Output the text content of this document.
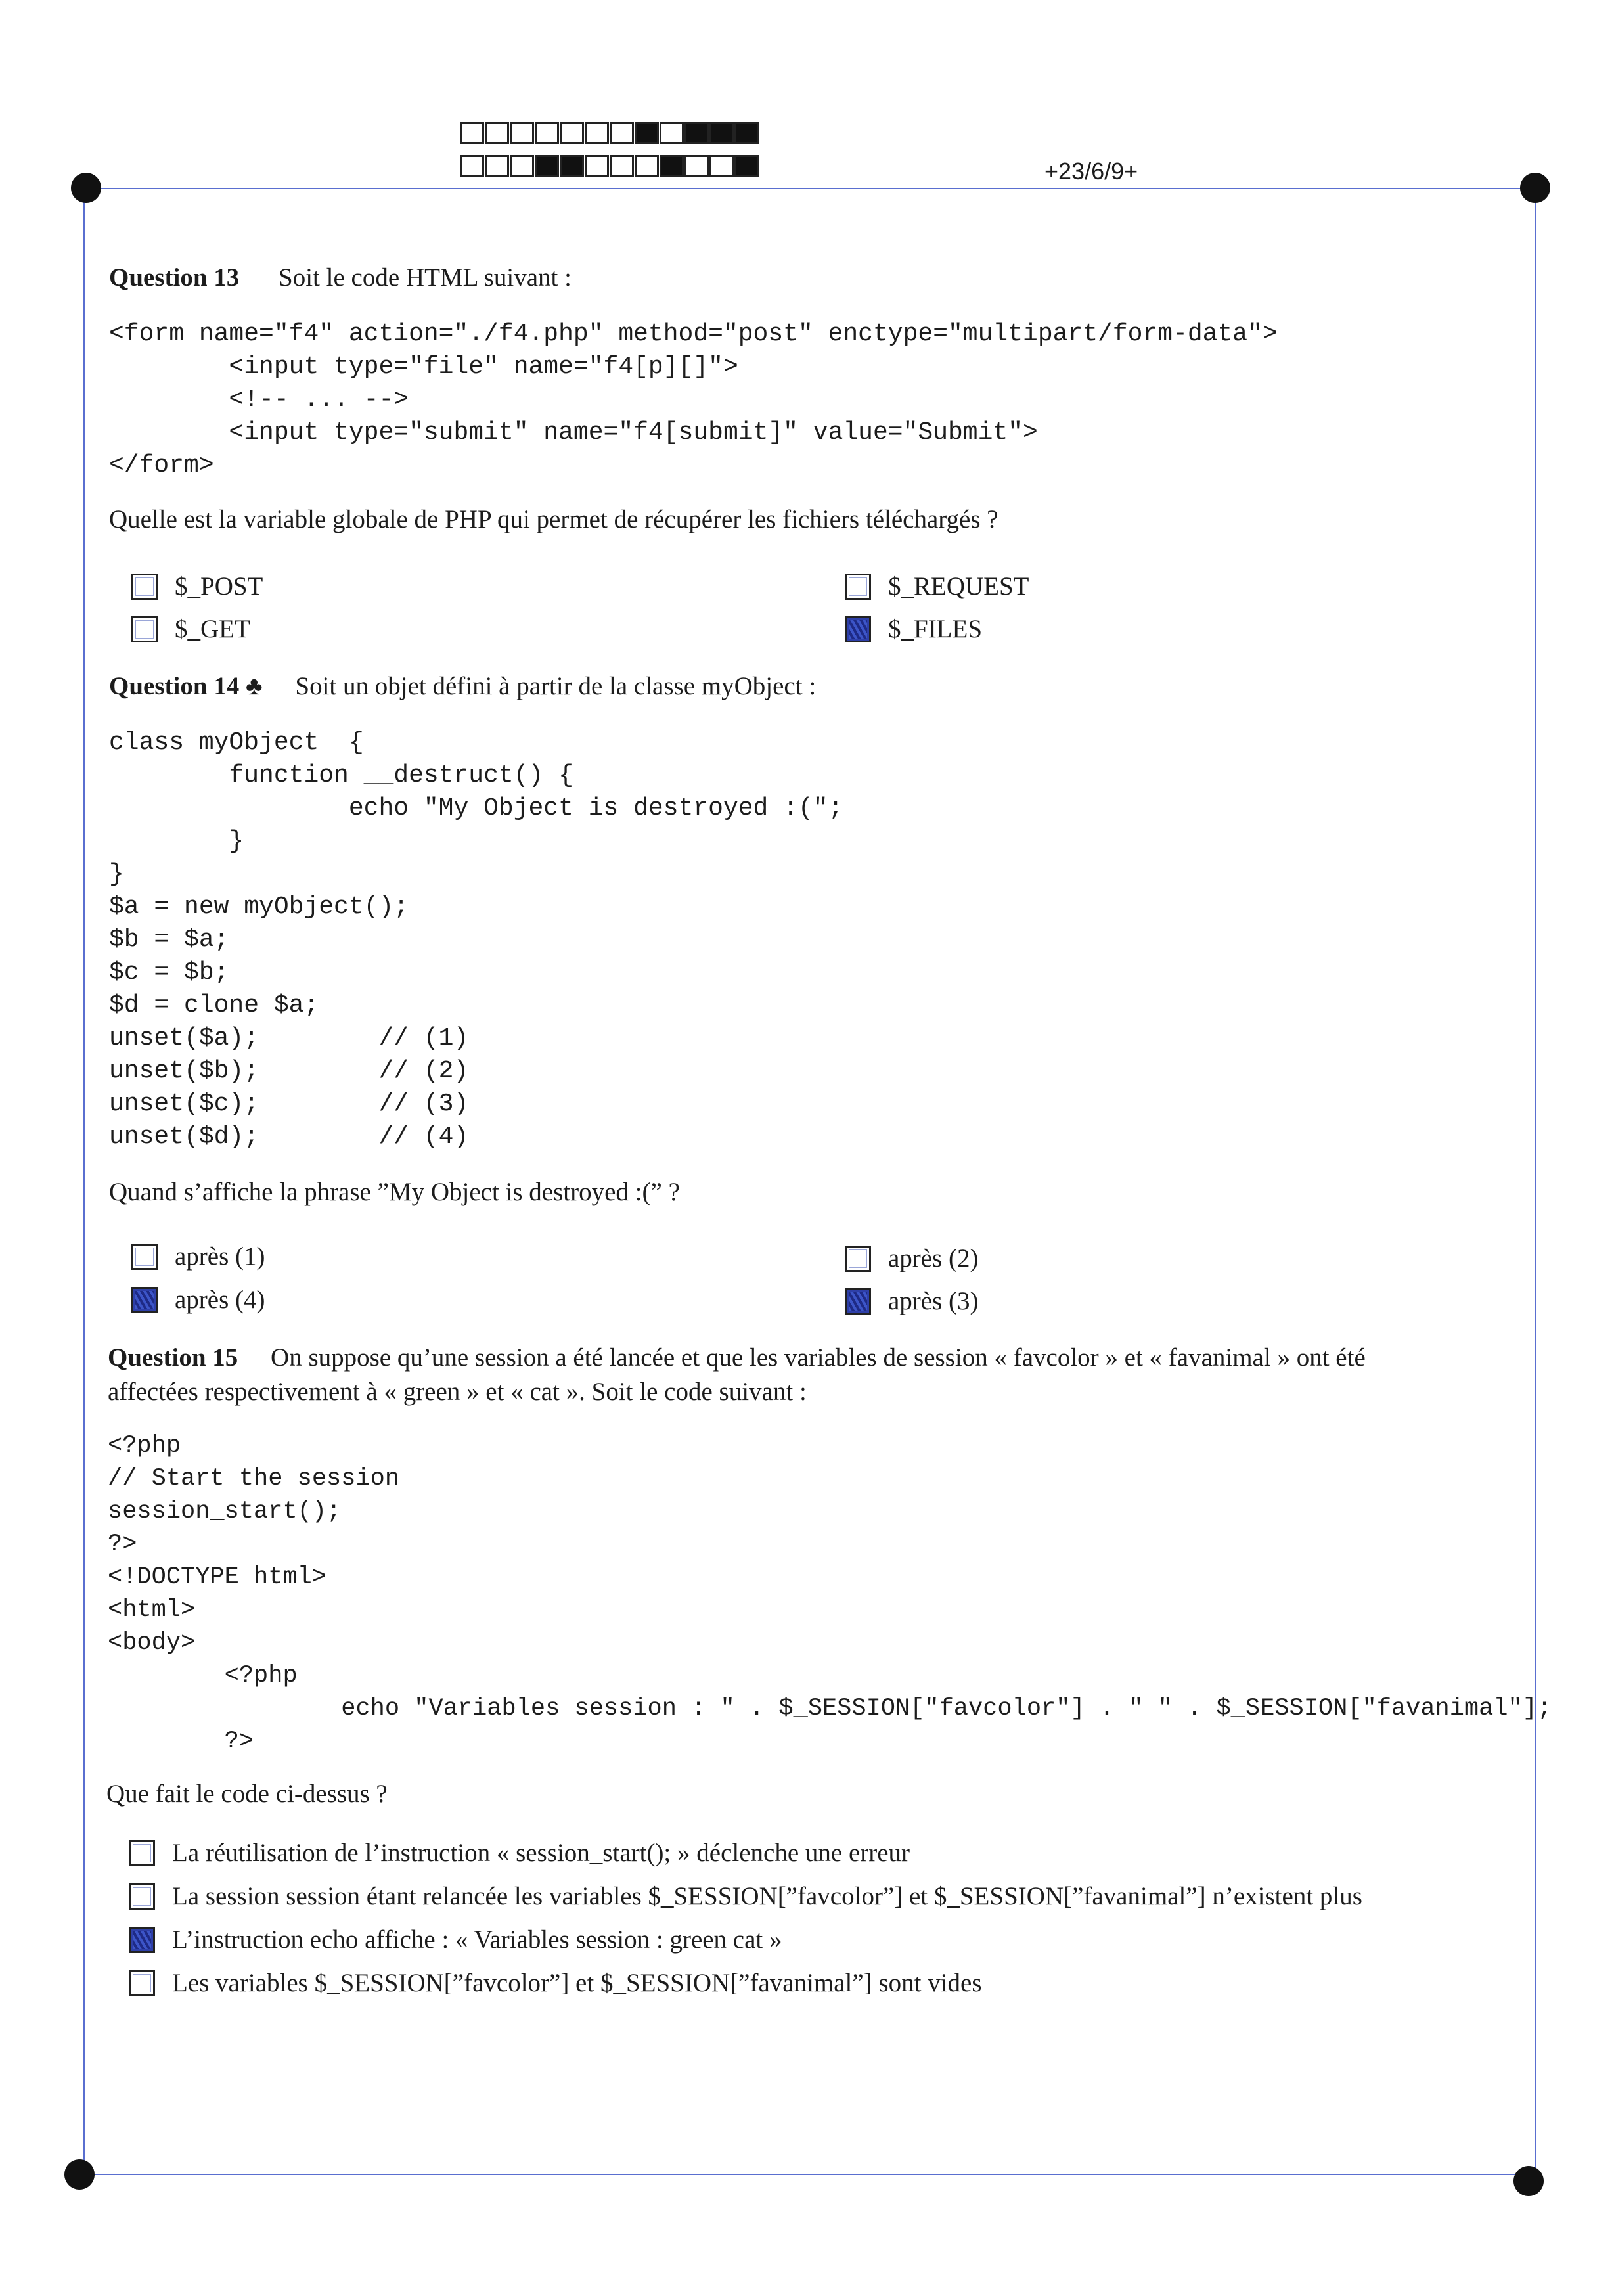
+23/6/9+
Question 13 Soit le code HTML suivant :
<form name="f4" action="./f4.php" method="post" enctype="multipart/form-data">
<input type="file" name="f4[p][]">
<!-- ... -->
<input type="submit" name="f4[submit]" value="Submit">
</form>
Quelle est la variable globale de PHP qui permet de récupérer les fichiers téléchargés ?
$_POST
$_GET
$_REQUEST
$_FILES
Question 14 ♣ Soit un objet défini à partir de la classe myObject :
class myObject  {
function __destruct() {
echo "My Object is destroyed :(";
}
}
$a = new myObject();
$b = $a;
$c = $b;
$d = clone $a;
unset($a);        // (1)
unset($b);        // (2)
unset($c);        // (3)
unset($d);        // (4)
Quand s’affiche la phrase ”My Object is destroyed :(” ?
après (1)
après (4)
après (2)
après (3)
Question 15 On suppose qu’une session a été lancée et que les variables de session « favcolor » et « favanimal » ont été
affectées respectivement à « green » et « cat ». Soit le code suivant :
<?php
// Start the session
session_start();
?>
<!DOCTYPE html>
<html>
<body>
<?php
echo "Variables session : " . $_SESSION["favcolor"] . " " . $_SESSION["favanimal"];
?>
Que fait le code ci-dessus ?
La réutilisation de l’instruction « session_start(); » déclenche une erreur
La session session étant relancée les variables $_SESSION[”favcolor”] et $_SESSION[”favanimal”] n’existent plus
L’instruction echo affiche : « Variables session : green cat »
Les variables $_SESSION[”favcolor”] et $_SESSION[”favanimal”] sont vides
